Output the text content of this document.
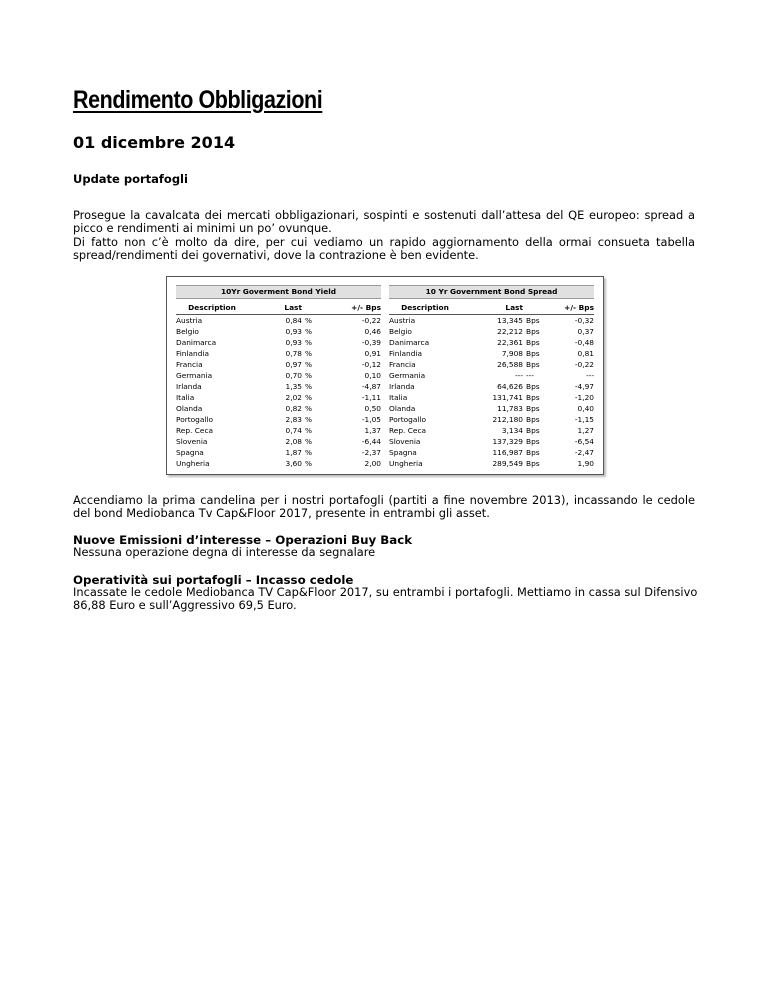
Rendimento Obbligazioni
01 dicembre 2014
Update portafogli
Prosegue la cavalcata dei mercati obbligazionari, sospinti e sostenuti dall’attesa del QE europeo: spread a picco e rendimenti ai minimi un po’ ovunque.
Di fatto non c’è molto da dire, per cui vediamo un rapido aggiornamento della ormai consueta tabella spread/rendimenti dei governativi, dove la contrazione è ben evidente.
10Yr Goverment Bond Yield
Description	Last	+/- Bps
Austria	0,84 %	-0,22
Belgio	0,93 %	0,46
Danimarca	0,93 %	-0,39
Finlandia	0,78 %	0,91
Francia	0,97 %	-0,12
Germania	0,70 %	0,10
Irlanda	1,35 %	-4,87
Italia	2,02 %	-1,11
Olanda	0,82 %	0,50
Portogallo	2,83 %	-1,05
Rep. Ceca	0,74 %	1,37
Slovenia	2,08 %	-6,44
Spagna	1,87 %	-2,37
Ungheria	3,60 %	2,00
10 Yr Government Bond Spread
Description	Last	+/- Bps
Austria	13,345 Bps	-0,32
Belgio	22,212 Bps	0,37
Danimarca	22,361 Bps	-0,48
Finlandia	7,908 Bps	0,81
Francia	26,588 Bps	-0,22
Germania	--- ---	---
Irlanda	64,626 Bps	-4,97
Italia	131,741 Bps	-1,20
Olanda	11,783 Bps	0,40
Portogallo	212,180 Bps	-1,15
Rep. Ceca	3,134 Bps	1,27
Slovenia	137,329 Bps	-6,54
Spagna	116,987 Bps	-2,47
Ungheria	289,549 Bps	1,90

Accendiamo la prima candelina per i nostri portafogli (partiti a fine novembre 2013), incassando le cedole del bond Mediobanca Tv Cap&Floor 2017, presente in entrambi gli asset.

Nuove Emissioni d’interesse – Operazioni Buy Back

Nessuna operazione degna di interesse da segnalare

Operatività sui portafogli – Incasso cedole

Incassate le cedole Mediobanca TV Cap&Floor 2017, su entrambi i portafogli. Mettiamo in cassa sul Difensivo 86,88 Euro e sull’Aggressivo 69,5 Euro.
